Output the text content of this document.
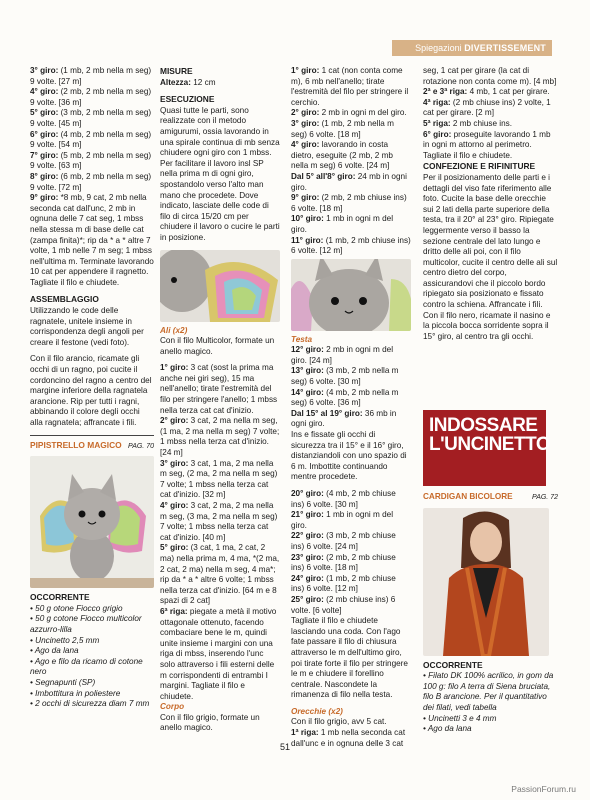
Spiegazioni DIVERTISSEMENT

3° giro: (1 mb, 2 mb nella m seg) 9 volte. [27 m]

4° giro: (2 mb, 2 mb nella m seg) 9 volte. [36 m]

5° giro: (3 mb, 2 mb nella m seg) 9 volte. [45 m]

6° giro: (4 mb, 2 mb nella m seg) 9 volte. [54 m]

7° giro: (5 mb, 2 mb nella m seg) 9 volte. [63 m]

8° giro: (6 mb, 2 mb nella m seg) 9 volte. [72 m]

9° giro: *8 mb, 9 cat, 2 mb nella seconda cat dall'unc, 2 mb in ognuna delle 7 cat seg, 1 mbss nella stessa m di base delle cat (zampa finita)*; rip da * a * altre 7 volte, 1 mb nelle 7 m seg; 1 mbss nell'ultima m. Terminate lavorando 10 cat per appendere il ragnetto.

Tagliate il filo e chiudete.

ASSEMBLAGGIO

Utilizzando le code delle ragnatele, unitele insieme in corrispondenza degli angoli per creare il festone (vedi foto).

Con il filo arancio, ricamate gli occhi di un ragno, poi cucite il cordoncino del ragno a centro del margine inferiore della ragnatela arancione. Rip per tutti i ragni, abbinando il colore degli occhi alla ragnatela; affrancate i fili.

PIPISTRELLO MAGICO PAG. 70
OCCORRENTE
• 50 g otone Fiocco grigio
• 50 g cotone Fiocco multicolor azzurro-lilla
• Uncinetto 2,5 mm
• Ago da lana
• Ago e filo da ricamo di cotone nero
• Segnapunti (SP)
• Imbottitura in poliestere
• 2 occhi di sicurezza diam 7 mm
MISURE

Altezza: 12 cm

ESECUZIONE

Quasi tutte le parti, sono realizzate con il metodo amigurumi, ossia lavorando in una spirale continua di mb senza chiudere ogni giro con 1 mbss. Per facilitare il lavoro insl SP nella prima m di ogni giro, spostandolo verso l'alto man mano che procedete. Dove indicato, lasciate delle code di filo di circa 15/20 cm per chiudere il lavoro o cucire le parti in posizione.

Ali (x2)

Con il filo Multicolor, formate un anello magico.

1° giro: 3 cat (sost la prima ma anche nei giri seg), 15 ma nell'anello; tirate l'estremità del filo per stringere l'anello; 1 mbss nella terza cat cat d'inizio.

2° giro: 3 cat, 2 ma nella m seg, (1 ma, 2 ma nella m seg) 7 volte; 1 mbss nella terza cat d'inizio. [24 m]

3° giro: 3 cat, 1 ma, 2 ma nella m seg, (2 ma, 2 ma nella m seg) 7 volte; 1 mbss nella terza cat cat d'inizio. [32 m]

4° giro: 3 cat, 2 ma, 2 ma nella m seg, (3 ma, 2 ma nella m seg) 7 volte; 1 mbss nella terza cat cat d'inizio. [40 m]

5° giro: (3 cat, 1 ma, 2 cat, 2 ma) nella prima m, 4 ma, *(2 ma, 2 cat, 2 ma) nella m seg, 4 ma*; rip da * a * altre 6 volte; 1 mbss nella terza cat d'inizio. [64 m e 8 spazi di 2 cat]

6ª riga: piegate a metà il motivo ottagonale ottenuto, facendo combaciare bene le m, quindi unite insieme i margini con una riga di mbss, inserendo l'unc solo attraverso i fili esterni delle m corrispondenti di entrambi I margini. Tagliate il filo e chiudete.

Corpo

Con il filo grigio, formate un anello magico.

1° giro: 1 cat (non conta come m), 6 mb nell'anello; tirate l'estremità del filo per stringere il cerchio.

2° giro: 2 mb in ogni m del giro.

3° giro: (1 mb, 2 mb nella m seg) 6 volte. [18 m]

4° giro: lavorando in costa dietro, eseguite (2 mb, 2 mb nella m seg) 6 volte. [24 m]

Dal 5° all'8° giro: 24 mb in ogni giro.

9° giro: (2 mb, 2 mb chiuse ins) 6 volte. [18 m]

10° giro: 1 mb in ogni m del giro.

11° giro: (1 mb, 2 mb chiuse ins) 6 volte. [12 m]

Testa

12° giro: 2 mb in ogni m del giro. [24 m]

13° giro: (3 mb, 2 mb nella m seg) 6 volte. [30 m]

14° giro: (4 mb, 2 mb nella m seg) 6 volte. [36 m]

Dal 15° al 19° giro: 36 mb in ogni giro.

Ins e fissate gli occhi di sicurezza tra il 15° e il 16° giro, distanziandoli con uno spazio di 6 m. Imbottite continuando mentre procedete.

20° giro: (4 mb, 2 mb chiuse ins) 6 volte. [30 m]

21° giro: 1 mb in ogni m del giro.

22° giro: (3 mb, 2 mb chiuse ins) 6 volte. [24 m]

23° giro: (2 mb, 2 mb chiuse ins) 6 volte. [18 m]

24° giro: (1 mb, 2 mb chiuse ins) 6 volte. [12 m]

25° giro: (2 mb chiuse ins) 6 volte. [6 volte]

Tagliate il filo e chiudete lasciando una coda. Con l'ago fate passare il filo di chiusura attraverso le m dell'ultimo giro, poi tirate forte il filo per stringere le m e chiudere il forellino centrale. Nascondete la rimanenza di filo nella testa.

Orecchie (x2)

Con il filo grigio, avv 5 cat.

1ª riga: 1 mb nella seconda cat dall'unc e in ognuna delle 3 cat

seg, 1 cat per girare (la cat di rotazione non conta come m). [4 mb]

2ª e 3ª riga: 4 mb, 1 cat per girare.

4ª riga: (2 mb chiuse ins) 2 volte, 1 cat per girare. [2 m]

5ª riga: 2 mb chiuse ins.

6° giro: proseguite lavorando 1 mb in ogni m attorno al perimetro. Tagliate il filo e chiudete.

CONFEZIONE E RIFINITURE

Per il posizionamento delle parti e i dettagli del viso fate riferimento alle foto. Cucite la base delle orecchie sui 2 lati della parte superiore della testa, tra il 20° al 23° giro. Ripiegate leggermente verso il basso la sezione centrale del lato lungo e dritto delle ali poi, con il filo multicolor, cucite il centro delle ali sul centro dietro del corpo, assicurandovi che il piccolo bordo ripiegato sia posizionato e fissato contro la schiena. Affrancate i fili. Con il filo nero, ricamate il nasino e la piccola bocca sorridente sopra il 15° giro, al centro tra gli occhi.

INDOSSARE
L'UNCINETTO
CARDIGAN BICOLORE	PAG. 72
OCCORRENTE
• Filato DK 100% acrilico, in gom da 100 g: filo A terra di Siena bruciata, filo B arancione. Per il quantitativo dei filati, vedi tabella
• Uncinetti 3 e 4 mm
• Ago da lana
51
PassionForum.ru
